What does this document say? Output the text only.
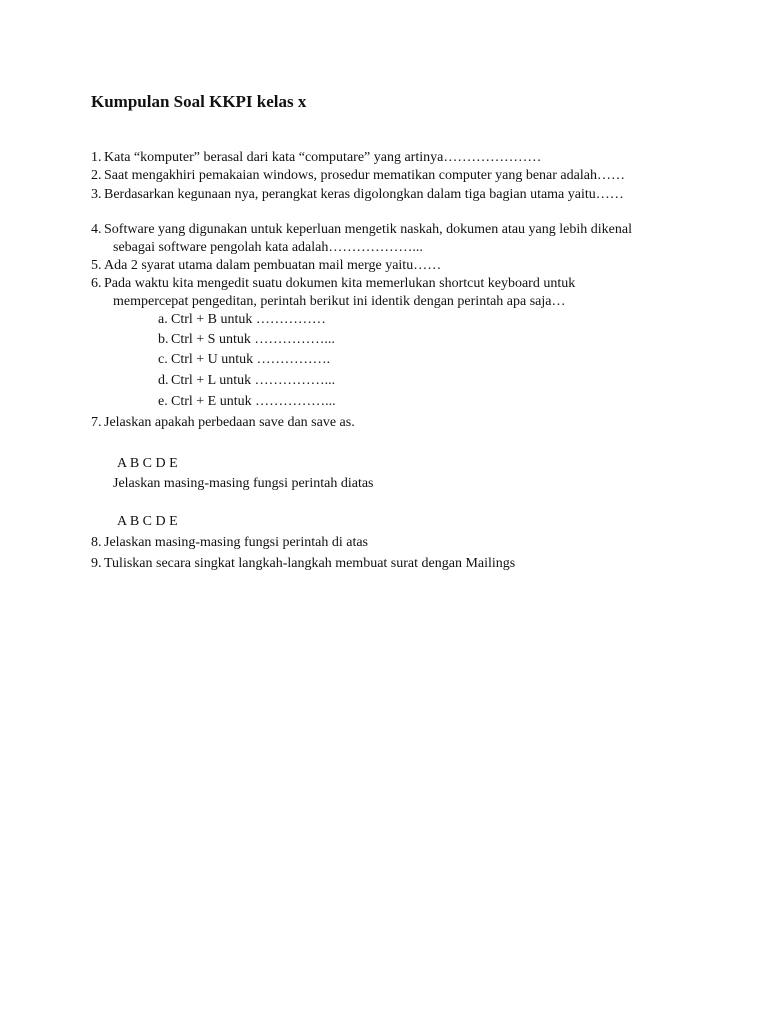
Kumpulan Soal KKPI kelas x
1. Kata “komputer” berasal dari kata “computare” yang artinya…………………
2. Saat mengakhiri pemakaian windows, prosedur mematikan computer yang benar adalah……
3. Berdasarkan kegunaan nya, perangkat keras digolongkan dalam tiga bagian utama yaitu……
4. Software yang digunakan untuk keperluan mengetik naskah, dokumen atau yang lebih dikenal
sebagai software pengolah kata adalah………………...
5. Ada 2 syarat utama dalam pembuatan mail merge yaitu……
6. Pada waktu kita mengedit suatu dokumen kita memerlukan shortcut keyboard untuk
mempercepat pengeditan, perintah berikut ini identik dengan perintah apa saja…
a. Ctrl + B untuk ……………
b. Ctrl + S untuk ……………...
c. Ctrl + U untuk …………….
d. Ctrl + L untuk ……………...
e. Ctrl + E untuk ……………...
7. Jelaskan apakah perbedaan save dan save as.
A B C D E
Jelaskan masing-masing fungsi perintah diatas
A B C D E
8. Jelaskan masing-masing fungsi perintah di atas
9. Tuliskan secara singkat langkah-langkah membuat surat dengan Mailings
